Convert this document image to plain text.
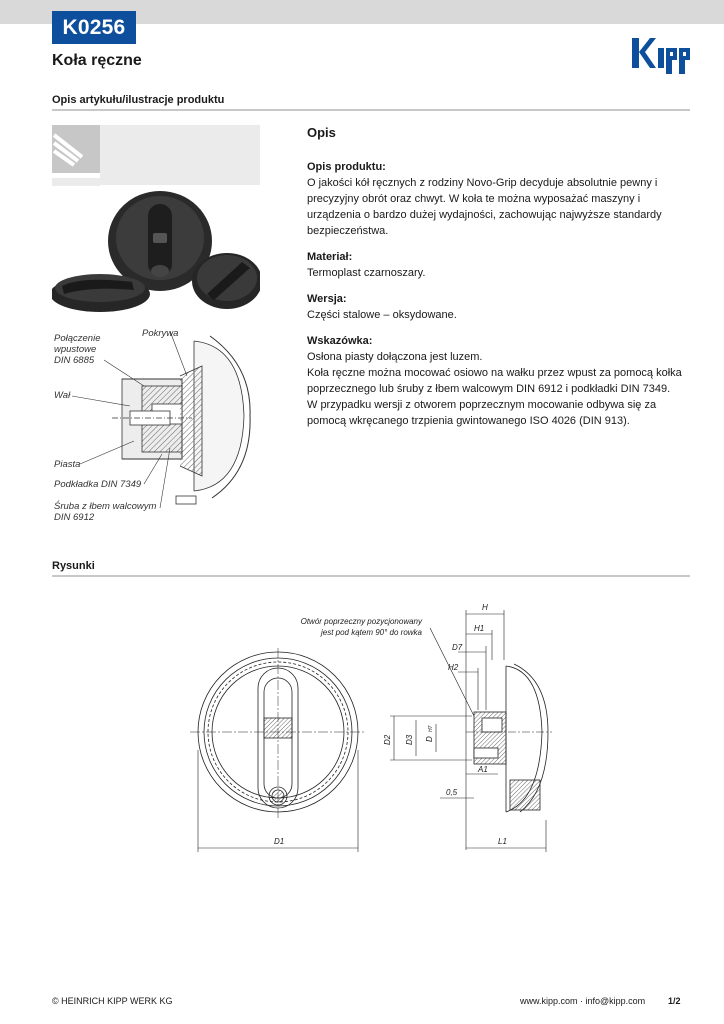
K0256
Koła ręczne
Opis artykułu/ilustracje produktu
Połączenie
wpustowe
DIN 6885
Pokrywa
Wał
Piasta
Podkładka DIN 7349
Śruba z łbem walcowym
DIN 6912
Opis

Opis produktu:

O jakości kół ręcznych z rodziny Novo-Grip decyduje absolutnie pewny i precyzyjny obrót oraz chwyt. W koła te można wyposażać maszyny i urządzenia o bardzo dużej wydajności, zachowując najwyższe standardy bezpieczeństwa.

Materiał:

Termoplast czarnoszary.

Wersja:

Części stalowe – oksydowane.

Wskazówka:

Osłona piasty dołączona jest luzem.

Koła ręczne można mocować osiowo na wałku przez wpust za pomocą kołka poprzecznego lub śruby z łbem walcowym DIN 6912 i podkładki DIN 7349.

W przypadku wersji z otworem poprzecznym mocowanie odbywa się za pomocą wkręcanego trzpienia gwintowanego ISO 4026 (DIN 913).

Rysunki
D1
H
H1
D7
H2
D2 D3 D
H7
A1
0,5
L1
Otwór poprzeczny pozycjonowany
jest pod kątem 90° do rowka
© HEINRICH KIPP WERK KG	www.kipp.com · info@kipp.com	1/2
